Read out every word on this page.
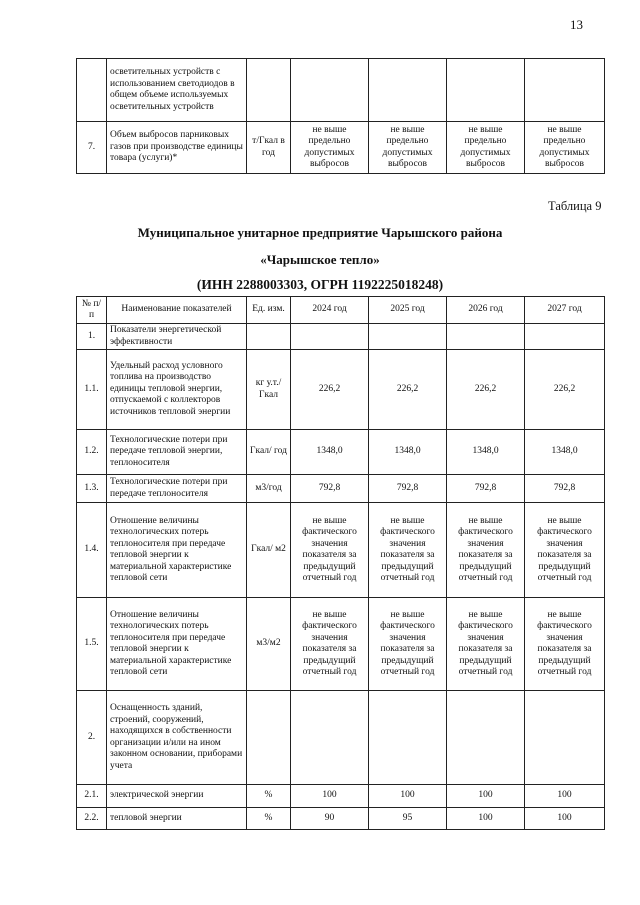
13
	осветительных устройств с использованием светодиодов в общем объеме используемых осветительных устройств					
7.	Объем выбросов парниковых газов при производстве единицы товара (услуги)*	т/Гкал в год	не выше предельно допустимых выбросов	не выше предельно допустимых выбросов	не выше предельно допустимых выбросов	не выше предельно допустимых выбросов
Таблица 9
Муниципальное унитарное предприятие Чарышского района
«Чарышское тепло»
(ИНН 2288003303, ОГРН 1192225018248)
№ п/п	Наименование показателей	Ед. изм.	2024 год	2025 год	2026 год	2027 год
1.	Показатели энергетической эффективности					
1.1.	Удельный расход условного топлива на производство единицы тепловой энергии, отпускаемой с коллекторов источников тепловой энергии	кг у.т./ Гкал	226,2	226,2	226,2	226,2
1.2.	Технологические потери при передаче тепловой энергии, теплоносителя	Гкал/ год	1348,0	1348,0	1348,0	1348,0
1.3.	Технологические потери при передаче теплоносителя	м3/год	792,8	792,8	792,8	792,8
1.4.	Отношение величины технологических потерь теплоносителя при передаче тепловой энергии к материальной характеристике тепловой сети	Гкал/ м2	не выше фактического значения показателя за предыдущий отчетный год	не выше фактического значения показателя за предыдущий отчетный год	не выше фактического значения показателя за предыдущий отчетный год	не выше фактического значения показателя за предыдущий отчетный год
1.5.	Отношение величины технологических потерь теплоносителя при передаче тепловой энергии к материальной характеристике тепловой сети	м3/м2	не выше фактического значения показателя за предыдущий отчетный год	не выше фактического значения показателя за предыдущий отчетный год	не выше фактического значения показателя за предыдущий отчетный год	не выше фактического значения показателя за предыдущий отчетный год
2.	Оснащенность зданий, строений, сооружений, находящихся в собственности организации и/или на ином законном основании, приборами учета					
2.1.	электрической энергии	%	100	100	100	100
2.2.	тепловой энергии	%	90	95	100	100
